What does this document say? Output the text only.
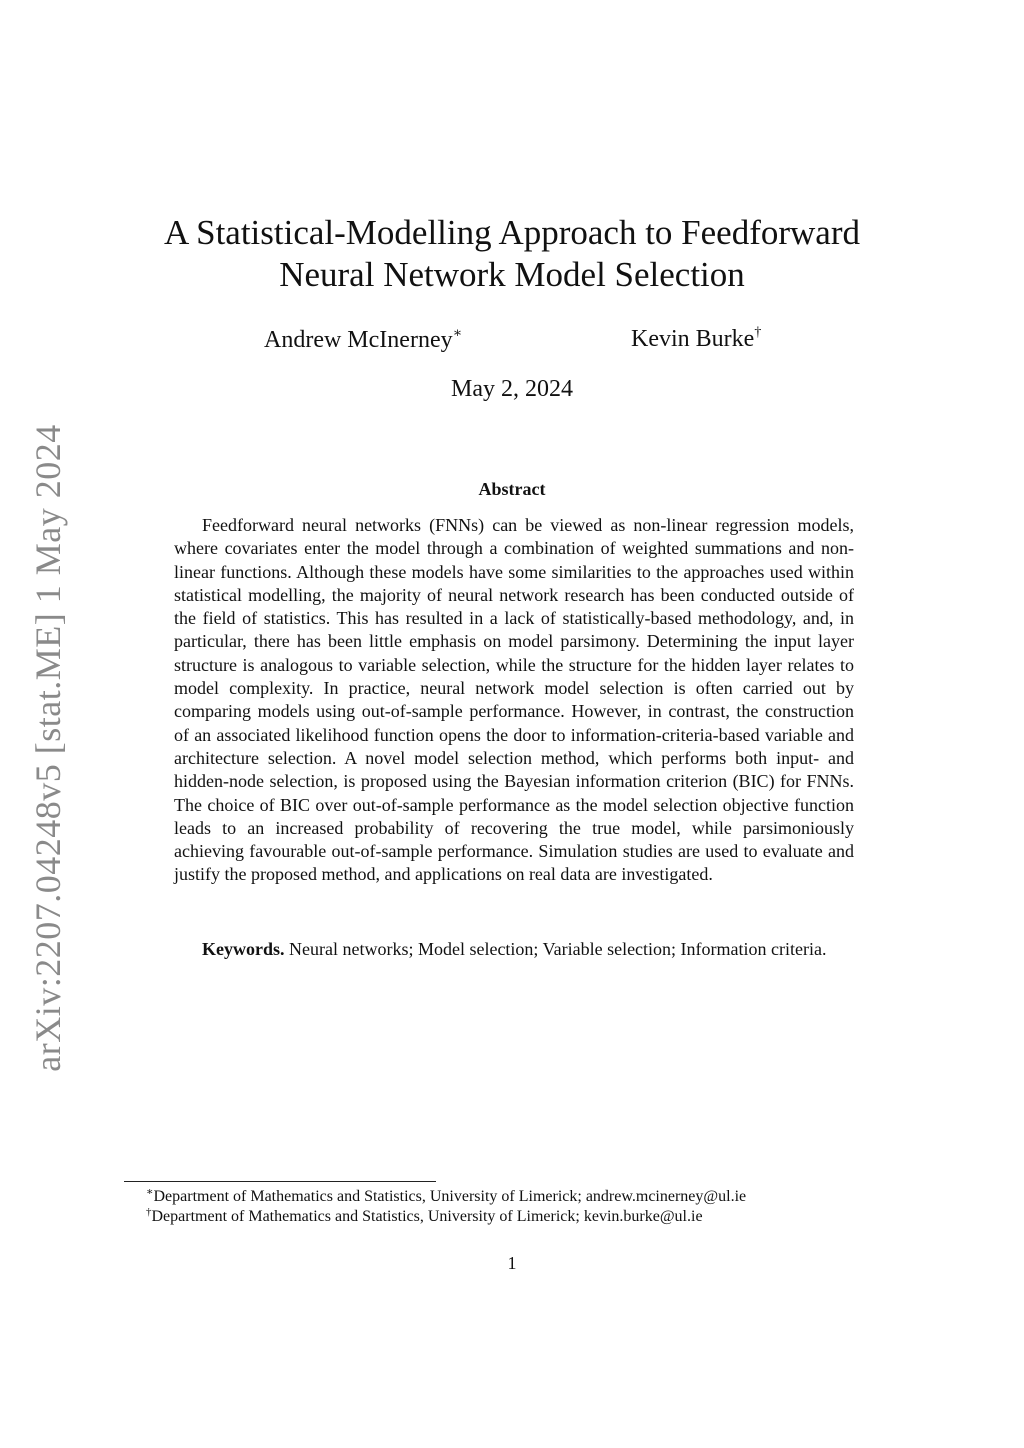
arXiv:2207.04248v5 [stat.ME] 1 May 2024
A Statistical-Modelling Approach to Feedforward
Neural Network Model Selection
Andrew McInerney∗	Kevin Burke†
May 2, 2024
Abstract

Feedforward neural networks (FNNs) can be viewed as non-linear regression models, where covariates enter the model through a combination of weighted summations and non-linear functions. Although these models have some similarities to the approaches used within statistical modelling, the majority of neural network research has been conducted outside of the field of statistics. This has resulted in a lack of statistically-based methodology, and, in particular, there has been little emphasis on model parsimony. Determining the input layer structure is analogous to variable selection, while the structure for the hidden layer relates to model complexity. In practice, neural network model selection is often carried out by comparing models using out-of-sample performance. However, in contrast, the construction of an associated likelihood function opens the door to information-criteria-based variable and architecture selection. A novel model selection method, which performs both input- and hidden-node selection, is proposed using the Bayesian information criterion (BIC) for FNNs. The choice of BIC over out-of-sample performance as the model selection objective function leads to an increased probability of recovering the true model, while parsimoniously achieving favourable out-of-sample performance. Simulation studies are used to evaluate and justify the proposed method, and applications on real data are investigated.

Keywords. Neural networks; Model selection; Variable selection; Information criteria.

∗Department of Mathematics and Statistics, University of Limerick; andrew.mcinerney@ul.ie
†Department of Mathematics and Statistics, University of Limerick; kevin.burke@ul.ie
1
